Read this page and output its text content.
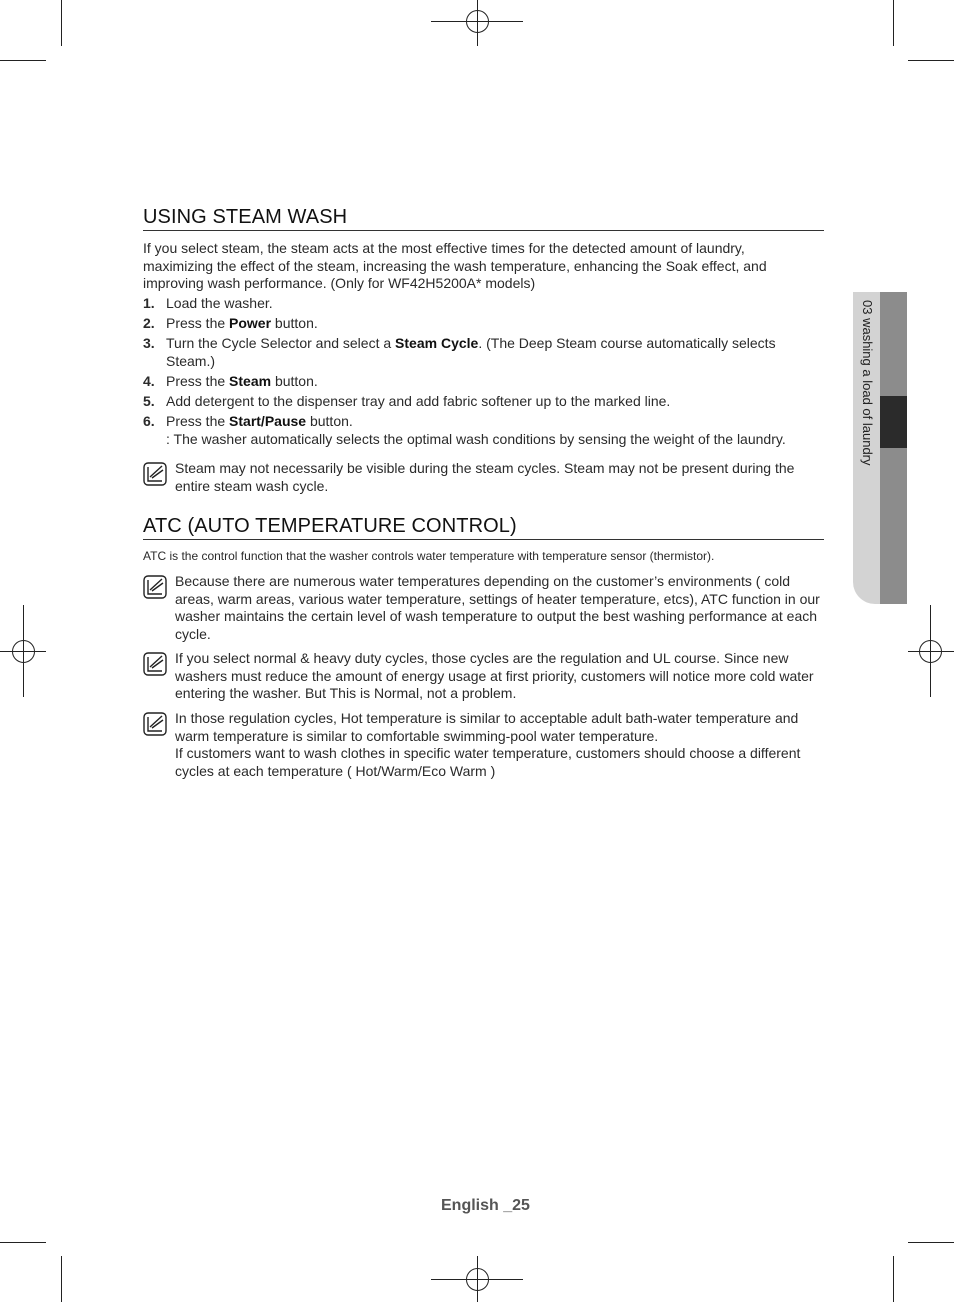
03 washing a load of laundry
USING STEAM WASH
If you select steam, the steam acts at the most effective times for the detected amount of laundry, maximizing the effect of the steam, increasing the wash temperature, enhancing the Soak effect, and improving wash performance. (Only for WF42H5200A* models)
1. Load the washer.
2. Press the Power button.
3. Turn the Cycle Selector and select a Steam Cycle. (The Deep Steam course automatically selects Steam.)
4. Press the Steam button.
5. Add detergent to the dispenser tray and add fabric softener up to the marked line.
6. Press the Start/Pause button.
: The washer automatically selects the optimal wash conditions by sensing the weight of the laundry.
Steam may not necessarily be visible during the steam cycles. Steam may not be present during the entire steam wash cycle.
ATC (AUTO TEMPERATURE CONTROL)
ATC is the control function that the washer controls water temperature with temperature sensor (thermistor).
Because there are numerous water temperatures depending on the customer’s environments ( cold areas, warm areas, various water temperature, settings of heater temperature, etcs), ATC function in our washer maintains the certain level of wash temperature to output the best washing performance at each cycle.
If you select normal & heavy duty cycles, those cycles are the regulation and UL course. Since new washers must reduce the amount of energy usage at first priority, customers will notice more cold water entering the washer. But This is Normal, not a problem.
In those regulation cycles, Hot temperature is similar to acceptable adult bath-water temperature and warm temperature is similar to comfortable swimming-pool water temperature.
If customers want to wash clothes in specific water temperature, customers should choose a different cycles at each temperature ( Hot/Warm/Eco Warm )
English _25
